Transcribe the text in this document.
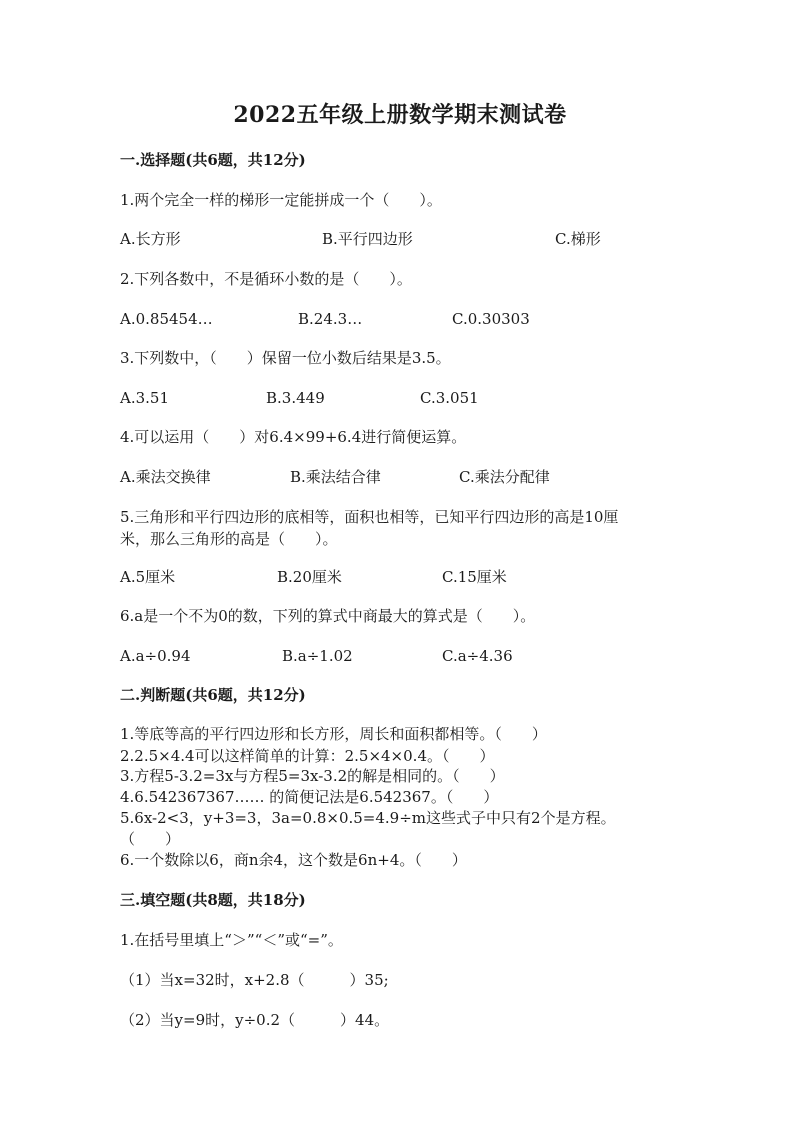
2022五年级上册数学期末测试卷
一.选择题(共6题，共12分)
1.两个完全一样的梯形一定能拼成一个（　　）。
A.长方形	B.平行四边形	C.梯形
2.下列各数中，不是循环小数的是（　　）。
A.0.85454…	B.24.3…	C.0.30303
3.下列数中，（　　）保留一位小数后结果是3.5。
A.3.51	B.3.449	C.3.051
4.可以运用（　　）对6.4×99+6.4进行简便运算。
A.乘法交换律	B.乘法结合律	C.乘法分配律
5.三角形和平行四边形的底相等，面积也相等，已知平行四边形的高是10厘
米，那么三角形的高是（　　）。
A.5厘米	B.20厘米	C.15厘米
6.a是一个不为0的数，下列的算式中商最大的算式是（　　）。
A.a÷0.94	B.a÷1.02	C.a÷4.36
二.判断题(共6题，共12分)
1.等底等高的平行四边形和长方形，周长和面积都相等。（　　）
2.2.5×4.4可以这样简单的计算：2.5×4×0.4。（　　）
3.方程5-3.2=3x与方程5=3x-3.2的解是相同的。（　　）
4.6.542367367…… 的简便记法是6.542367。（　　）
5.6x-2<3，y+3=3，3a=0.8×0.5=4.9÷m这些式子中只有2个是方程。
（　　）
6.一个数除以6，商n余4，这个数是6n+4。（　　）
三.填空题(共8题，共18分)
1.在括号里填上“＞”“＜”或“=”。
（1）当x=32时，x+2.8（　　　）35;
（2）当y=9时，y÷0.2（　　　）44。
